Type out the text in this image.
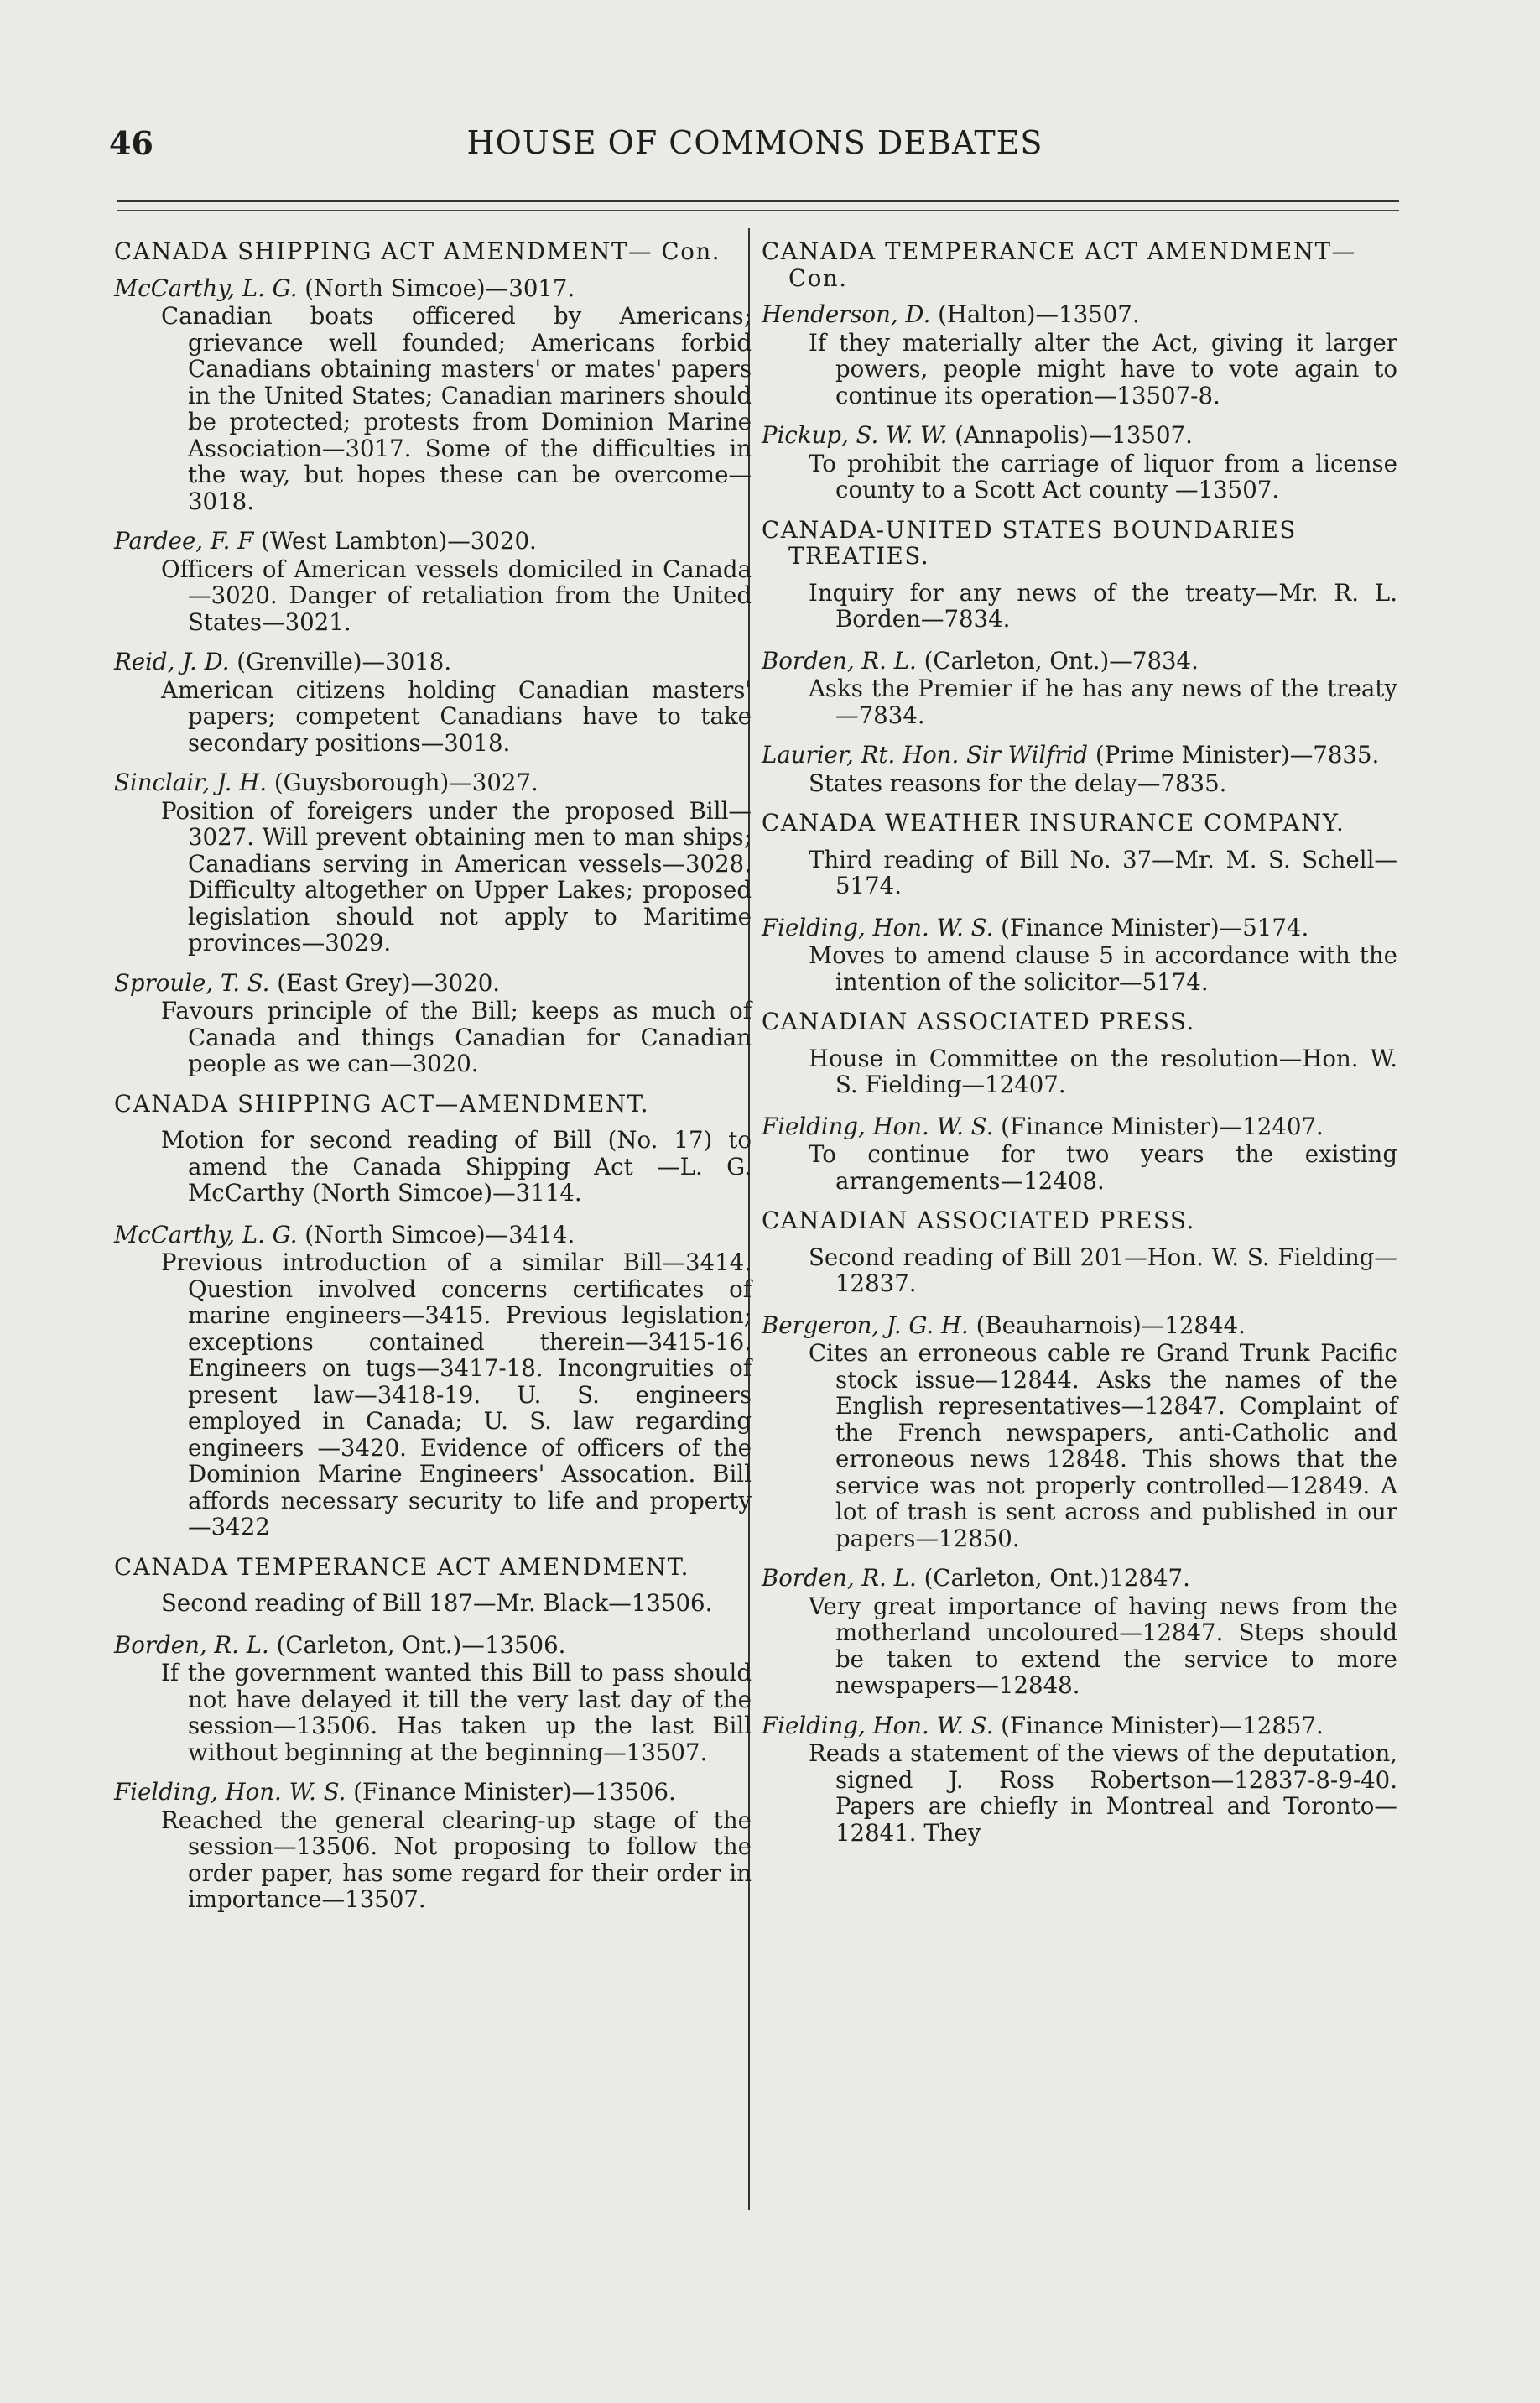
46	HOUSE OF COMMONS DEBATES
CANADA SHIPPING ACT AMENDMENT— Con.

McCarthy, L. G. (North Simcoe)—3017.

Canadian boats officered by Americans; grievance well founded; Americans forbid Canadians obtaining masters' or mates' papers in the United States; Canadian mariners should be protected; protests from Dominion Marine Association—3017. Some of the difficulties in the way, but hopes these can be overcome—3018.

Pardee, F. F (West Lambton)—3020.

Officers of American vessels domiciled in Canada—3020. Danger of retaliation from the United States—3021.

Reid, J. D. (Grenville)—3018.

American citizens holding Canadian masters' papers; competent Canadians have to take secondary positions—3018.

Sinclair, J. H. (Guysborough)—3027.

Position of foreigers under the proposed Bill—3027. Will prevent obtaining men to man ships; Canadians serving in American vessels—3028. Difficulty altogether on Upper Lakes; proposed legislation should not apply to Maritime provinces—3029.

Sproule, T. S. (East Grey)—3020.

Favours principle of the Bill; keeps as much of Canada and things Canadian for Canadian people as we can—3020.

CANADA SHIPPING ACT—AMENDMENT.

Motion for second reading of Bill (No. 17) to amend the Canada Shipping Act —L. G. McCarthy (North Simcoe)—3114.

McCarthy, L. G. (North Simcoe)—3414.

Previous introduction of a similar Bill—3414. Question involved concerns certificates of marine engineers—3415. Previous legislation; exceptions contained therein—3415-16. Engineers on tugs—3417-18. Incongruities of present law—3418-19. U. S. engineers employed in Canada; U. S. law regarding engineers —3420. Evidence of officers of the Dominion Marine Engineers' Assocation. Bill affords necessary security to life and property—3422

CANADA TEMPERANCE ACT AMENDMENT.

Second reading of Bill 187—Mr. Black—13506.

Borden, R. L. (Carleton, Ont.)—13506.

If the government wanted this Bill to pass should not have delayed it till the very last day of the session—13506. Has taken up the last Bill without beginning at the beginning—13507.

Fielding, Hon. W. S. (Finance Minister)—13506.

Reached the general clearing-up stage of the session—13506. Not proposing to follow the order paper, has some regard for their order in importance—13507.

CANADA TEMPERANCE ACT AMENDMENT—Con.

Henderson, D. (Halton)—13507.

If they materially alter the Act, giving it larger powers, people might have to vote again to continue its operation—13507-8.

Pickup, S. W. W. (Annapolis)—13507.

To prohibit the carriage of liquor from a license county to a Scott Act county —13507.

CANADA-UNITED STATES BOUNDARIES TREATIES.

Inquiry for any news of the treaty—Mr. R. L. Borden—7834.

Borden, R. L. (Carleton, Ont.)—7834.

Asks the Premier if he has any news of the treaty—7834.

Laurier, Rt. Hon. Sir Wilfrid (Prime Minister)—7835.

States reasons for the delay—7835.

CANADA WEATHER INSURANCE COMPANY.

Third reading of Bill No. 37—Mr. M. S. Schell—5174.

Fielding, Hon. W. S. (Finance Minister)—5174.

Moves to amend clause 5 in accordance with the intention of the solicitor—5174.

CANADIAN ASSOCIATED PRESS.

House in Committee on the resolution—Hon. W. S. Fielding—12407.

Fielding, Hon. W. S. (Finance Minister)—12407.

To continue for two years the existing arrangements—12408.

CANADIAN ASSOCIATED PRESS.

Second reading of Bill 201—Hon. W. S. Fielding—12837.

Bergeron, J. G. H. (Beauharnois)—12844.

Cites an erroneous cable re Grand Trunk Pacific stock issue—12844. Asks the names of the English representatives—12847. Complaint of the French newspapers, anti-Catholic and erroneous news 12848. This shows that the service was not properly controlled—12849. A lot of trash is sent across and published in our papers—12850.

Borden, R. L. (Carleton, Ont.)12847.

Very great importance of having news from the motherland uncoloured—12847. Steps should be taken to extend the service to more newspapers—12848.

Fielding, Hon. W. S. (Finance Minister)—12857.

Reads a statement of the views of the deputation, signed J. Ross Robertson—12837-8-9-40. Papers are chiefly in Montreal and Toronto—12841. They
